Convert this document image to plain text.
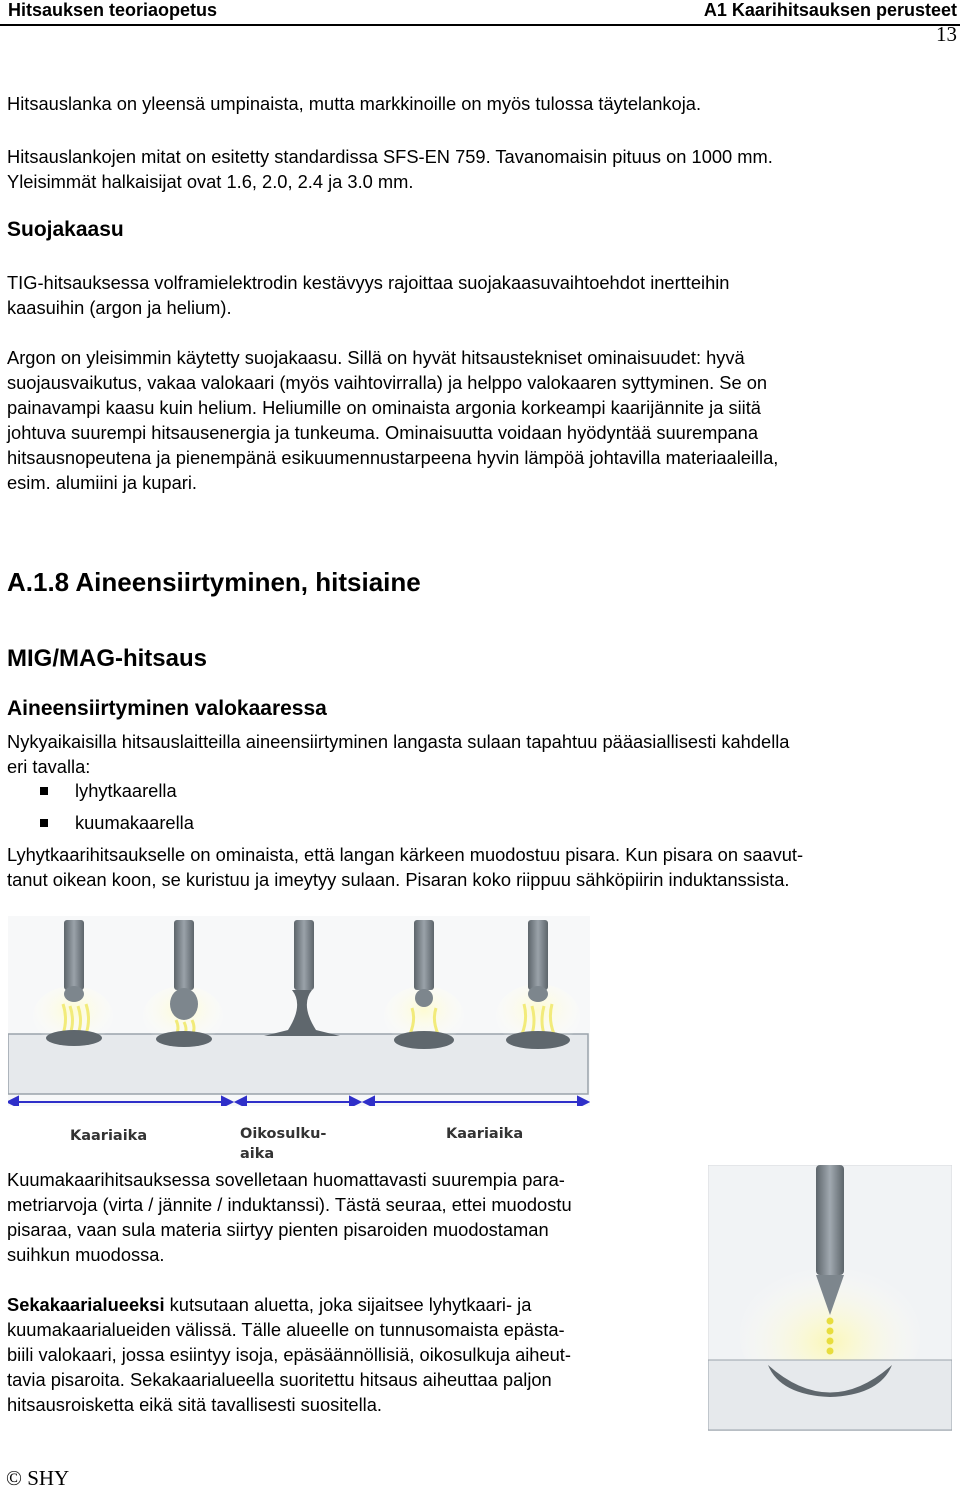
Hitsauksen teoriaopetus	A1 Kaarihitsauksen perusteet
13

Hitsauslanka on yleensä umpinaista, mutta markkinoille on myös tulossa täytelankoja.

Hitsauslankojen mitat on esitetty standardissa SFS-EN 759. Tavanomaisin pituus on 1000 mm.

Yleisimmät halkaisijat ovat 1.6, 2.0, 2.4 ja 3.0 mm.

Suojakaasu

TIG-hitsauksessa volframielektrodin kestävyys rajoittaa suojakaasuvaihtoehdot inertteihin

kaasuihin (argon ja helium).

Argon on yleisimmin käytetty suojakaasu. Sillä on hyvät hitsaustekniset ominaisuudet: hyvä

suojausvaikutus, vakaa valokaari (myös vaihtovirralla) ja helppo valokaaren syttyminen. Se on

painavampi kaasu kuin helium. Heliumille on ominaista argonia korkeampi kaarijännite ja siitä

johtuva suurempi hitsausenergia ja tunkeuma. Ominaisuutta voidaan hyödyntää suurempana

hitsausnopeutena ja pienempänä esikuumennustarpeena hyvin lämpöä johtavilla materiaaleilla,

esim. alumiini ja kupari.

A.1.8 Aineensiirtyminen, hitsiaine

MIG/MAG-hitsaus

Aineensiirtyminen valokaaressa

Nykyaikaisilla hitsauslaitteilla aineensiirtyminen langasta sulaan tapahtuu pääasiallisesti kahdella

eri tavalla:

lyhytkaarella
kuumakaarella

Lyhytkaarihitsaukselle on ominaista, että langan kärkeen muodostuu pisara. Kun pisara on saavut-

tanut oikean koon, se kuristuu ja imeytyy sulaan. Pisaran koko riippuu sähköpiirin induktanssista.

Kaariaika	Oikosulku-
aika
Kaariaika

Kuumakaarihitsauksessa sovelletaan huomattavasti suurempia para-

metriarvoja (virta / jännite / induktanssi). Tästä seuraa, ettei muodostu

pisaraa, vaan sula materia siirtyy pienten pisaroiden muodostaman

suihkun muodossa.

Sekakaarialueeksi kutsutaan aluetta, joka sijaitsee lyhytkaari- ja

kuumakaarialueiden välissä. Tälle alueelle on tunnusomaista epästa-

biili valokaari, jossa esiintyy isoja, epäsäännöllisiä, oikosulkuja aiheut-

tavia pisaroita. Sekakaarialueella suoritettu hitsaus aiheuttaa paljon

hitsausroisketta eikä sitä tavallisesti suositella.

© SHY
